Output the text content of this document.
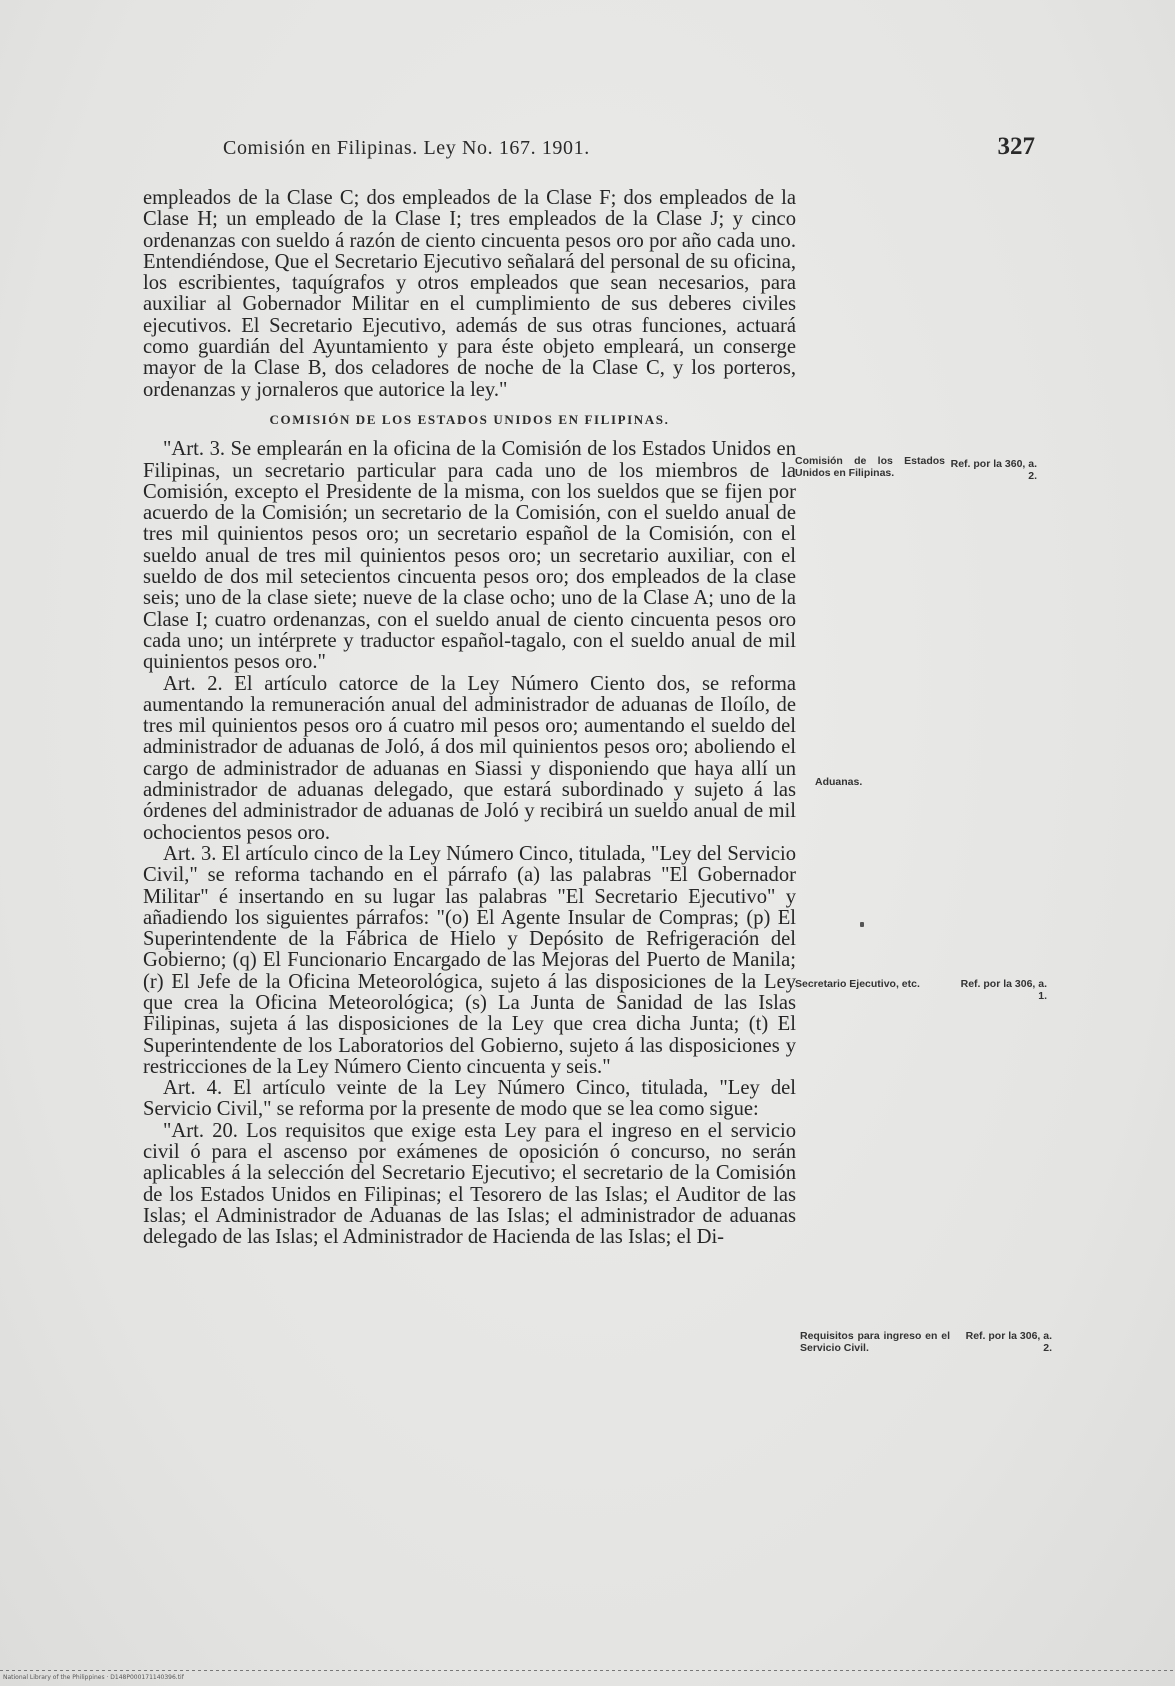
Comisión en Filipinas. Ley No. 167. 1901.	327

empleados de la Clase C; dos empleados de la Clase F; dos empleados de la Clase H; un empleado de la Clase I; tres empleados de la Clase J; y cinco ordenanzas con sueldo á razón de ciento cincuenta pesos oro por año cada uno. Entendiéndose, Que el Secretario Ejecutivo señalará del personal de su oficina, los escribientes, taquígrafos y otros empleados que sean necesarios, para auxiliar al Gobernador Militar en el cumplimiento de sus deberes civiles ejecutivos. El Secretario Ejecutivo, además de sus otras funciones, actuará como guardián del Ayuntamiento y para éste objeto empleará, un conserge mayor de la Clase B, dos celadores de noche de la Clase C, y los porteros, ordenanzas y jornaleros que autorice la ley."

COMISIÓN DE LOS ESTADOS UNIDOS EN FILIPINAS.

"Art. 3. Se emplearán en la oficina de la Comisión de los Estados Unidos en Filipinas, un secretario particular para cada uno de los miembros de la Comisión, excepto el Presidente de la misma, con los sueldos que se fijen por acuerdo de la Comisión; un secretario de la Comisión, con el sueldo anual de tres mil quinientos pesos oro; un secretario español de la Comisión, con el sueldo anual de tres mil quinientos pesos oro; un secretario auxiliar, con el sueldo de dos mil setecientos cincuenta pesos oro; dos empleados de la clase seis; uno de la clase siete; nueve de la clase ocho; uno de la Clase A; uno de la Clase I; cuatro ordenanzas, con el sueldo anual de ciento cincuenta pesos oro cada uno; un intérprete y traductor español-tagalo, con el sueldo anual de mil quinientos pesos oro."

Art. 2. El artículo catorce de la Ley Número Ciento dos, se reforma aumentando la remuneración anual del administrador de aduanas de Iloílo, de tres mil quinientos pesos oro á cuatro mil pesos oro; aumentando el sueldo del administrador de aduanas de Joló, á dos mil quinientos pesos oro; aboliendo el cargo de administrador de aduanas en Siassi y disponiendo que haya allí un administrador de aduanas delegado, que estará subordinado y sujeto á las órdenes del administrador de aduanas de Joló y recibirá un sueldo anual de mil ochocientos pesos oro.

Art. 3. El artículo cinco de la Ley Número Cinco, titulada, "Ley del Servicio Civil," se reforma tachando en el párrafo (a) las palabras "El Gobernador Militar" é insertando en su lugar las palabras "El Secretario Ejecutivo" y añadiendo los siguientes párrafos: "(o) El Agente Insular de Compras; (p) El Superintendente de la Fábrica de Hielo y Depósito de Refrigeración del Gobierno; (q) El Funcionario Encargado de las Mejoras del Puerto de Manila; (r) El Jefe de la Oficina Meteorológica, sujeto á las disposiciones de la Ley que crea la Oficina Meteorológica; (s) La Junta de Sanidad de las Islas Filipinas, sujeta á las disposiciones de la Ley que crea dicha Junta; (t) El Superintendente de los Laboratorios del Gobierno, sujeto á las disposiciones y restricciones de la Ley Número Ciento cincuenta y seis."

Art. 4. El artículo veinte de la Ley Número Cinco, titulada, "Ley del Servicio Civil," se reforma por la presente de modo que se lea como sigue:

"Art. 20. Los requisitos que exige esta Ley para el ingreso en el servicio civil ó para el ascenso por exámenes de oposición ó concurso, no serán aplicables á la selección del Secretario Ejecutivo; el secretario de la Comisión de los Estados Unidos en Filipinas; el Tesorero de las Islas; el Auditor de las Islas; el Administrador de Aduanas de las Islas; el administrador de aduanas delegado de las Islas; el Administrador de Hacienda de las Islas; el Di-

Comisión de los Estados Unidos en Filipinas.
Ref. por la 360, a. 2.
Aduanas.
Secretario Ejecutivo, etc.	Ref. por la 306, a. 1.
Requisitos para ingreso en el Servicio Civil.
Ref. por la 306, a. 2.
National Library of the Philippines · D148P000171140396.tif
